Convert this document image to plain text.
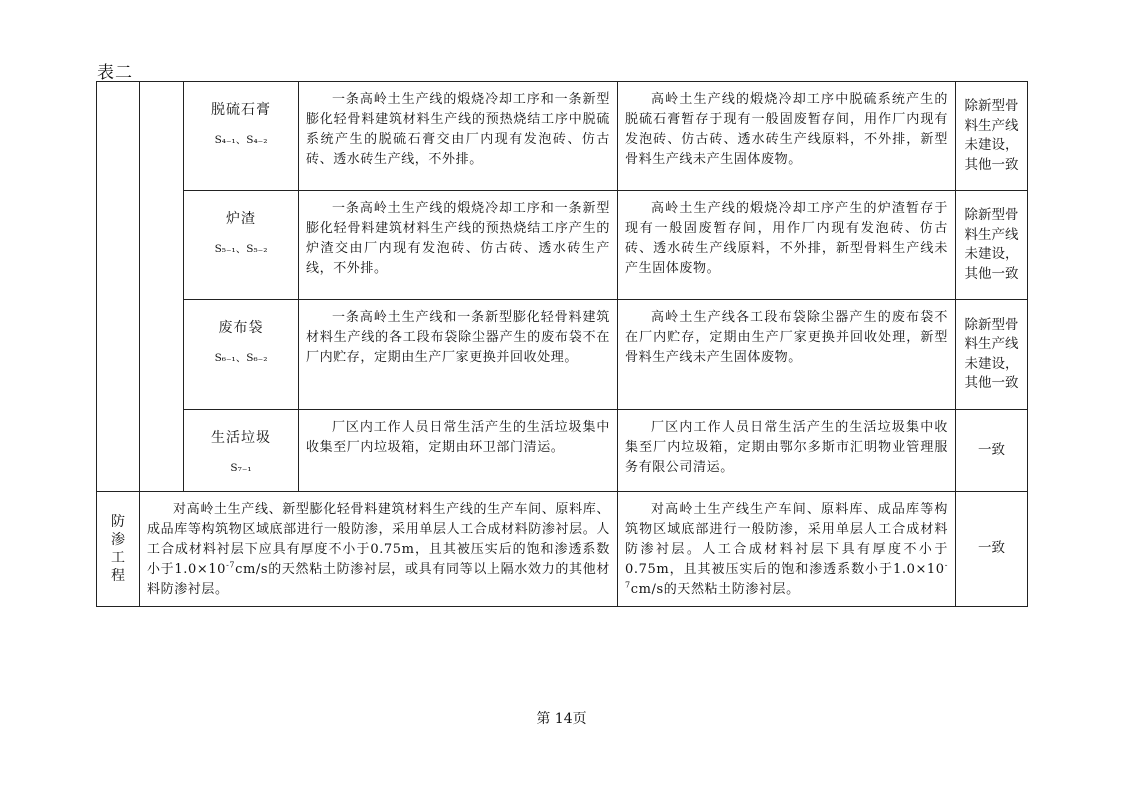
表二

		脱硫石膏
S₄₋₁、S₄₋₂	一条高岭土生产线的煅烧冷却工序和一条新型膨化轻骨料建筑材料生产线的预热烧结工序中脱硫系统产生的脱硫石膏交由厂内现有发泡砖、仿古砖、透水砖生产线，不外排。	高岭土生产线的煅烧冷却工序中脱硫系统产生的脱硫石膏暂存于现有一般固废暂存间，用作厂内现有发泡砖、仿古砖、透水砖生产线原料，不外排，新型骨料生产线未产生固体废物。	除新型骨料生产线未建设，其他一致

		炉渣
S₅₋₁、S₅₋₂	一条高岭土生产线的煅烧冷却工序和一条新型膨化轻骨料建筑材料生产线的预热烧结工序产生的炉渣交由厂内现有发泡砖、仿古砖、透水砖生产线，不外排。	高岭土生产线的煅烧冷却工序产生的炉渣暂存于现有一般固废暂存间，用作厂内现有发泡砖、仿古砖、透水砖生产线原料，不外排，新型骨料生产线未产生固体废物。	除新型骨料生产线未建设，其他一致

		废布袋
S₆₋₁、S₆₋₂	一条高岭土生产线和一条新型膨化轻骨料建筑材料生产线的各工段布袋除尘器产生的废布袋不在厂内贮存，定期由生产厂家更换并回收处理。	高岭土生产线各工段布袋除尘器产生的废布袋不在厂内贮存，定期由生产厂家更换并回收处理，新型骨料生产线未产生固体废物。	除新型骨料生产线未建设，其他一致

		生活垃圾
S₇₋₁	厂区内工作人员日常生活产生的生活垃圾集中收集至厂内垃圾箱，定期由环卫部门清运。	厂区内工作人员日常生活产生的生活垃圾集中收集至厂内垃圾箱，定期由鄂尔多斯市汇明物业管理服务有限公司清运。	一致

防渗工程	对高岭土生产线、新型膨化轻骨料建筑材料生产线的生产车间、原料库、成品库等构筑物区域底部进行一般防渗，采用单层人工合成材料防渗衬层。人工合成材料衬层下应具有厚度不小于0.75m，且其被压实后的饱和渗透系数小于$1.0\times 10^{-7}cm/s$的天然粘土防渗衬层，或具有同等以上隔水效力的其他材料防渗衬层。			对高岭土生产线生产车间、原料库、成品库等构筑物区域底部进行一般防渗，采用单层人工合成材料防渗衬层。人工合成材料衬层下具有厚度不小于0.75m，且其被压实后的饱和渗透系数小于$1.0\times 10^{-7}cm/s$的天然粘土防渗衬层。	一致
第 14页
